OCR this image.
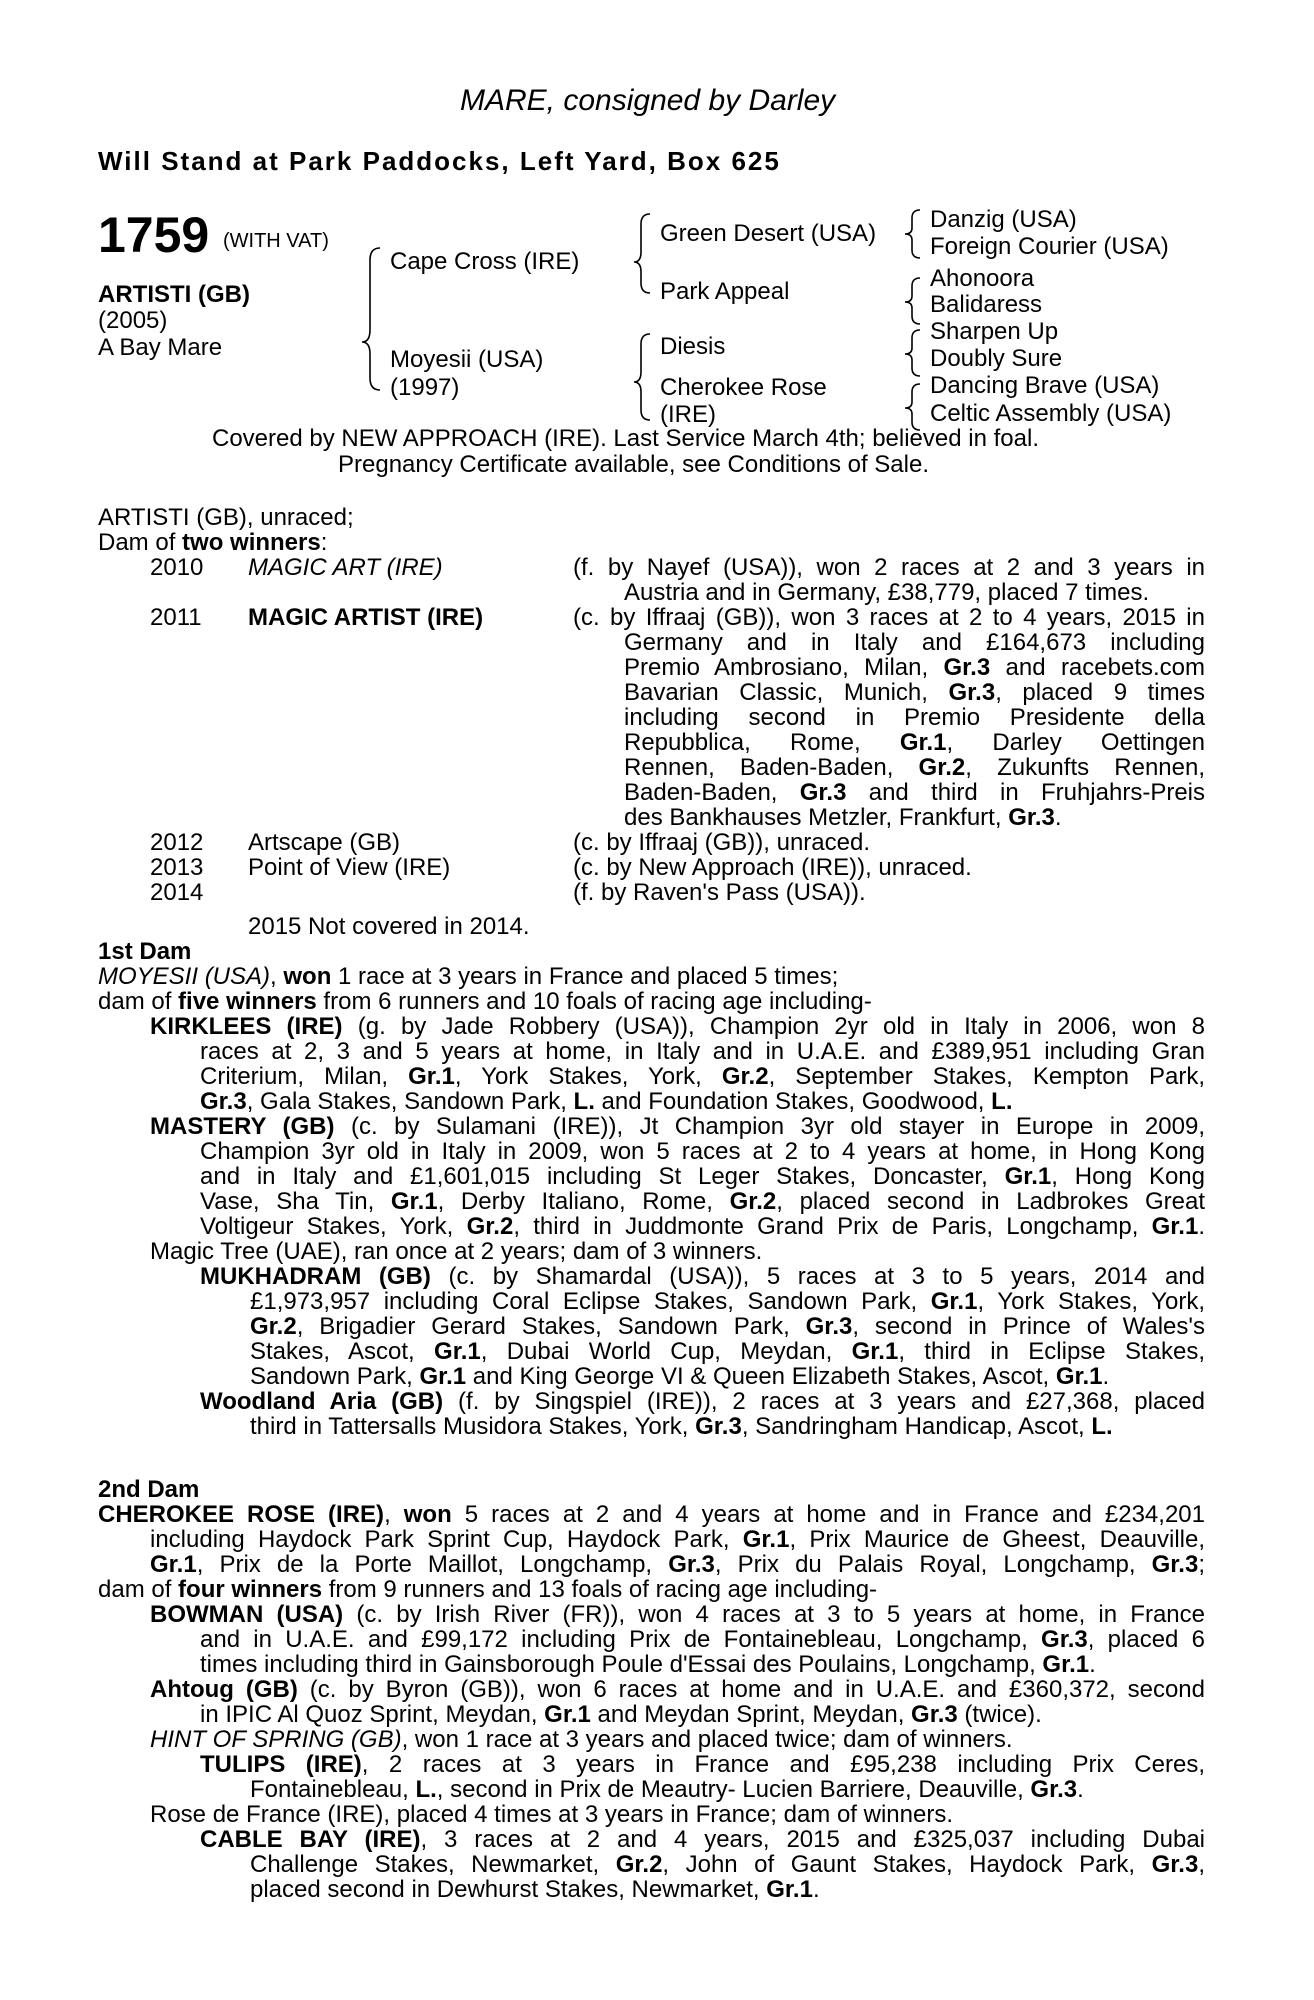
MARE, consigned by Darley
Will Stand at Park Paddocks, Left Yard, Box 625
1759 (WITH VAT)
ARTISTI (GB)
(2005)
A Bay Mare
Cape Cross (IRE)
Moyesii (USA)
(1997)
Green Desert (USA)
Park Appeal
Diesis
Cherokee Rose
(IRE)
Danzig (USA)
Foreign Courier (USA)
Ahonoora
Balidaress
Sharpen Up
Doubly Sure
Dancing Brave (USA)
Celtic Assembly (USA)
Covered by NEW APPROACH (IRE). Last Service March 4th; believed in foal.
Pregnancy Certificate available, see Conditions of Sale.
ARTISTI (GB), unraced;
Dam of two winners:
2010 MAGIC ART (IRE)	(f. by Nayef (USA)), won 2 races at 2 and 3 years in
Austria and in Germany, £38,779, placed 7 times.
2011 MAGIC ARTIST (IRE)	(c. by Iffraaj (GB)), won 3 races at 2 to 4 years, 2015 in
Germany and in Italy and £164,673 including
Premio Ambrosiano, Milan, Gr.3 and racebets.com
Bavarian Classic, Munich, Gr.3, placed 9 times
including second in Premio Presidente della
Repubblica, Rome, Gr.1, Darley Oettingen
Rennen, Baden-Baden, Gr.2, Zukunfts Rennen,
Baden-Baden, Gr.3 and third in Fruhjahrs-Preis
des Bankhauses Metzler, Frankfurt, Gr.3.
2012 Artscape (GB)	(c. by Iffraaj (GB)), unraced.
2013 Point of View (IRE)	(c. by New Approach (IRE)), unraced.
2014	(f. by Raven's Pass (USA)).
2015 Not covered in 2014.
1st Dam
MOYESII (USA), won 1 race at 3 years in France and placed 5 times;
dam of five winners from 6 runners and 10 foals of racing age including-
KIRKLEES (IRE) (g. by Jade Robbery (USA)), Champion 2yr old in Italy in 2006, won 8
races at 2, 3 and 5 years at home, in Italy and in U.A.E. and £389,951 including Gran
Criterium, Milan, Gr.1, York Stakes, York, Gr.2, September Stakes, Kempton Park,
Gr.3, Gala Stakes, Sandown Park, L. and Foundation Stakes, Goodwood, L.
MASTERY (GB) (c. by Sulamani (IRE)), Jt Champion 3yr old stayer in Europe in 2009,
Champion 3yr old in Italy in 2009, won 5 races at 2 to 4 years at home, in Hong Kong
and in Italy and £1,601,015 including St Leger Stakes, Doncaster, Gr.1, Hong Kong
Vase, Sha Tin, Gr.1, Derby Italiano, Rome, Gr.2, placed second in Ladbrokes Great
Voltigeur Stakes, York, Gr.2, third in Juddmonte Grand Prix de Paris, Longchamp, Gr.1.
Magic Tree (UAE), ran once at 2 years; dam of 3 winners.
MUKHADRAM (GB) (c. by Shamardal (USA)), 5 races at 3 to 5 years, 2014 and
£1,973,957 including Coral Eclipse Stakes, Sandown Park, Gr.1, York Stakes, York,
Gr.2, Brigadier Gerard Stakes, Sandown Park, Gr.3, second in Prince of Wales's
Stakes, Ascot, Gr.1, Dubai World Cup, Meydan, Gr.1, third in Eclipse Stakes,
Sandown Park, Gr.1 and King George VI & Queen Elizabeth Stakes, Ascot, Gr.1.
Woodland Aria (GB) (f. by Singspiel (IRE)), 2 races at 3 years and £27,368, placed
third in Tattersalls Musidora Stakes, York, Gr.3, Sandringham Handicap, Ascot, L.
2nd Dam
CHEROKEE ROSE (IRE), won 5 races at 2 and 4 years at home and in France and £234,201
including Haydock Park Sprint Cup, Haydock Park, Gr.1, Prix Maurice de Gheest, Deauville,
Gr.1, Prix de la Porte Maillot, Longchamp, Gr.3, Prix du Palais Royal, Longchamp, Gr.3;
dam of four winners from 9 runners and 13 foals of racing age including-
BOWMAN (USA) (c. by Irish River (FR)), won 4 races at 3 to 5 years at home, in France
and in U.A.E. and £99,172 including Prix de Fontainebleau, Longchamp, Gr.3, placed 6
times including third in Gainsborough Poule d'Essai des Poulains, Longchamp, Gr.1.
Ahtoug (GB) (c. by Byron (GB)), won 6 races at home and in U.A.E. and £360,372, second
in IPIC Al Quoz Sprint, Meydan, Gr.1 and Meydan Sprint, Meydan, Gr.3 (twice).
HINT OF SPRING (GB), won 1 race at 3 years and placed twice; dam of winners.
TULIPS (IRE), 2 races at 3 years in France and £95,238 including Prix Ceres,
Fontainebleau, L., second in Prix de Meautry- Lucien Barriere, Deauville, Gr.3.
Rose de France (IRE), placed 4 times at 3 years in France; dam of winners.
CABLE BAY (IRE), 3 races at 2 and 4 years, 2015 and £325,037 including Dubai
Challenge Stakes, Newmarket, Gr.2, John of Gaunt Stakes, Haydock Park, Gr.3,
placed second in Dewhurst Stakes, Newmarket, Gr.1.
